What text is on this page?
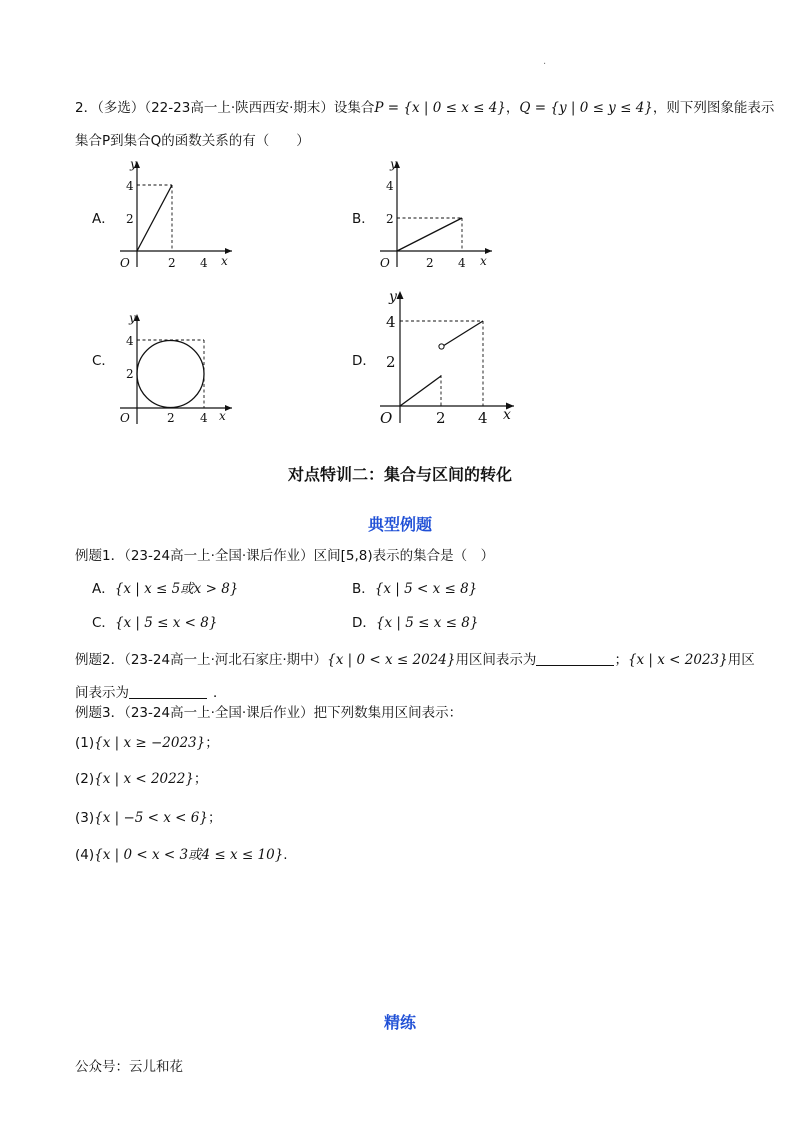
.
2．（多选）（22-23高一上·陕西西安·期末）设集合P = {x | 0 ≤ x ≤ 4}，Q = {y | 0 ≤ y ≤ 4}，则下列图象能表示
集合P到集合Q的函数关系的有（　　）
A．	B．
C．	D．
4
2
y
O	2 4 x
4
2
y
O	2 4 x
4
2
y
O	2 4 x
4
2
y
O	2 4 x
对点特训二：集合与区间的转化
典型例题
例题1．（23-24高一上·全国·课后作业）区间[5,8)表示的集合是（　）
A．{x | x ≤ 5或x > 8}	B．{x | 5 < x ≤ 8}
C．{x | 5 ≤ x < 8}	D．{x | 5 ≤ x ≤ 8}
例题2．（23-24高一上·河北石家庄·期中）{x | 0 < x ≤ 2024}用区间表示为	；{x | x < 2023}用区
间表示为	．
例题3．（23-24高一上·全国·课后作业）把下列数集用区间表示：
(1){x | x ≥ −2023}；
(2){x | x < 2022}；
(3){x | −5 < x < 6}；
(4){x | 0 < x < 3或4 ≤ x ≤ 10}.
精练
公众号：云儿和花
